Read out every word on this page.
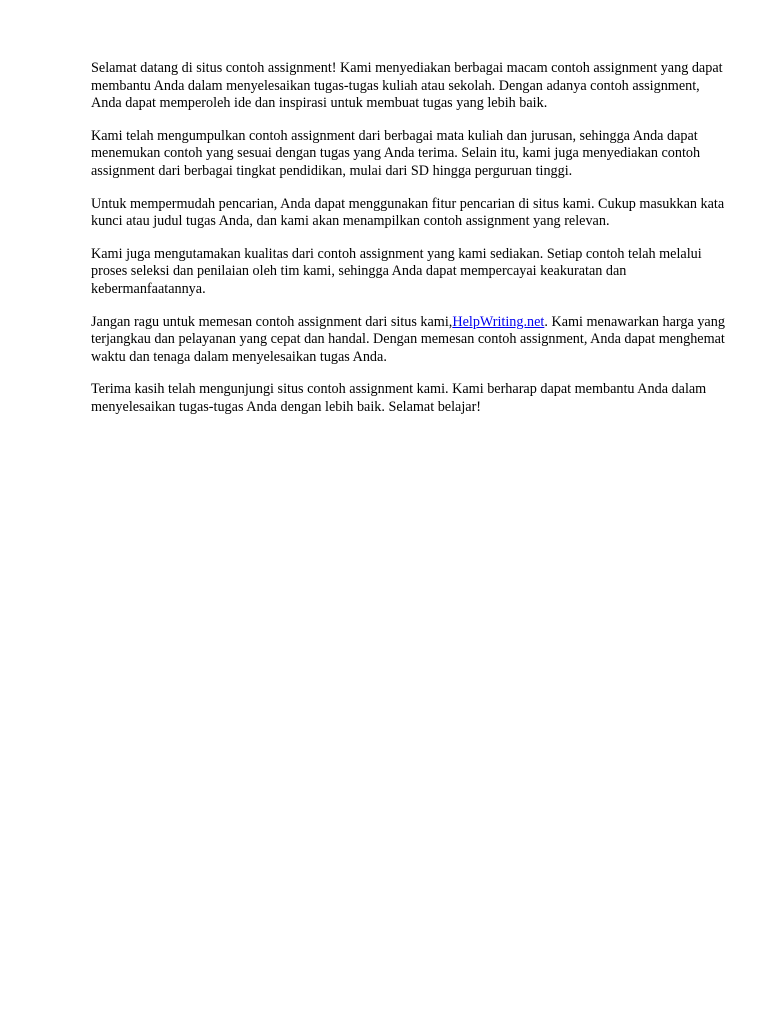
Selamat datang di situs contoh assignment! Kami menyediakan berbagai macam contoh assignment yang dapat membantu Anda dalam menyelesaikan tugas-tugas kuliah atau sekolah. Dengan adanya contoh assignment, Anda dapat memperoleh ide dan inspirasi untuk membuat tugas yang lebih baik.

Kami telah mengumpulkan contoh assignment dari berbagai mata kuliah dan jurusan, sehingga Anda dapat menemukan contoh yang sesuai dengan tugas yang Anda terima. Selain itu, kami juga menyediakan contoh assignment dari berbagai tingkat pendidikan, mulai dari SD hingga perguruan tinggi.

Untuk mempermudah pencarian, Anda dapat menggunakan fitur pencarian di situs kami. Cukup masukkan kata kunci atau judul tugas Anda, dan kami akan menampilkan contoh assignment yang relevan.

Kami juga mengutamakan kualitas dari contoh assignment yang kami sediakan. Setiap contoh telah melalui proses seleksi dan penilaian oleh tim kami, sehingga Anda dapat mempercayai keakuratan dan kebermanfaatannya.

Jangan ragu untuk memesan contoh assignment dari situs kami,HelpWriting.net. Kami menawarkan harga yang terjangkau dan pelayanan yang cepat dan handal. Dengan memesan contoh assignment, Anda dapat menghemat waktu dan tenaga dalam menyelesaikan tugas Anda.

Terima kasih telah mengunjungi situs contoh assignment kami. Kami berharap dapat membantu Anda dalam menyelesaikan tugas-tugas Anda dengan lebih baik. Selamat belajar!
